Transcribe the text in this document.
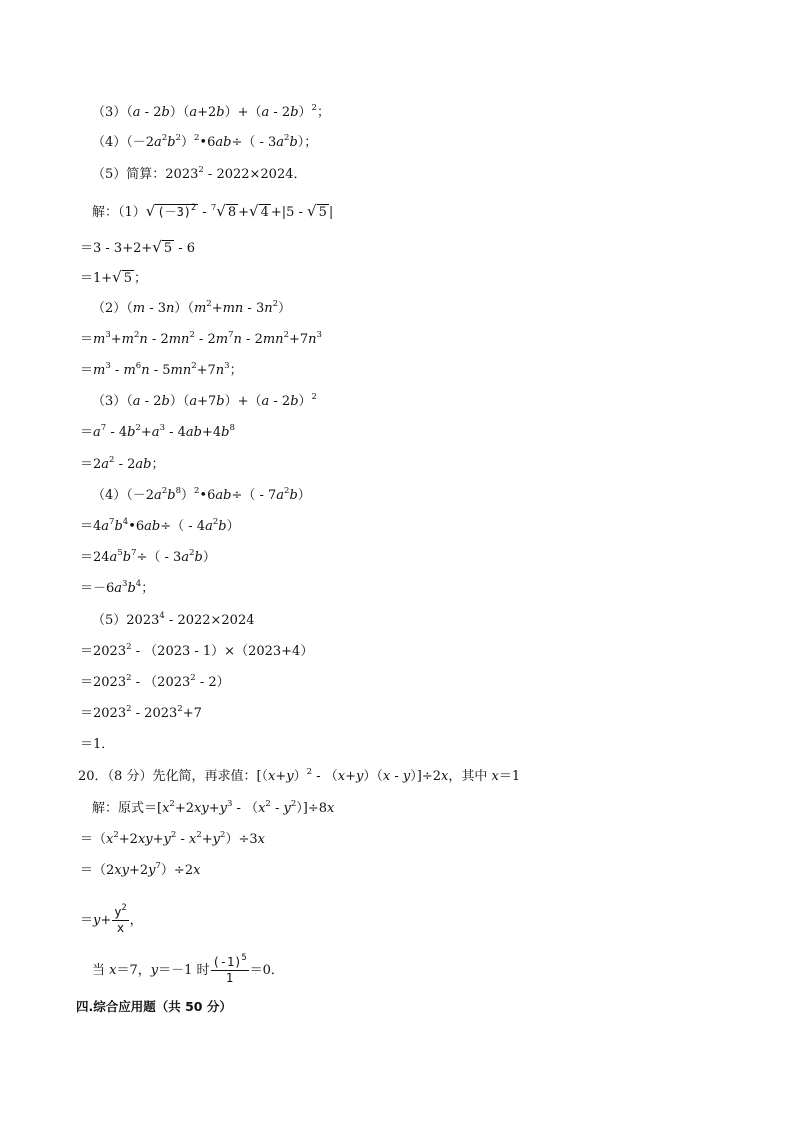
（3）（a - 2b）（a+2b）+（a - 2b）$^2$；
$(4)(-2a^2b^2)^2•6ab\div( - 3a^2b)$；
（5）简算：2023$^2$ - 2022×2024．
解：（1）√ $(-3)^2 - ^7√$ 8 +√ 4 +|5 - √ 5 |
＝3 - 3+2+√ 5 - 6
＝1+√ 5 ；
$(2)(m - 3n)(m^2+mn - 3n^2)$
$=m^3+m^2n - 2mn^2 - 2m^7n - 2mn^2+7n^3$
$=m^3 - m^6n - 5mn^2+7n^3$；
（3）（a - 2b）（a+7b）+（a - 2b）$^2$
$=a^7 - 4b^2+a^3 - 4ab+4b^8$
$=2a^2 - 2ab$；
$(4)(-2a^2b^8)^2•6ab\div( - 7a^2b)$
$=4a^7b^4•6ab\div( - 4a^2b)$
$=24a^5b^7\div( - 3a^2b)$
$=-6a^3b^4$；
（5）2023$^4$ - 2022×2024
$=2023^2 - (2023 - 1)\times(2023+4)$
$=2023^2 - (2023^2 - 2)$
$=2023^2 - 2023^2+7$
＝1．
20．（8 分）先化简，再求值：$[(x+y)^2 - (x+y)(x - y)]\div 2x$，其中 x＝1
解：原式$=[x^2+2xy+y^3 - (x^2 - y^2)]\div 8x$
$=(x^2+2xy+y^2 - x^2+y^2)\div 3x$
$=(2xy+2y^7)\div 2x$
$=y+ \frac{y^2}{x}$ ，
当 x＝7，y＝－1 时 $\frac{(-1)^5}{1} =0$．
四.综合应用题（共 50 分）
